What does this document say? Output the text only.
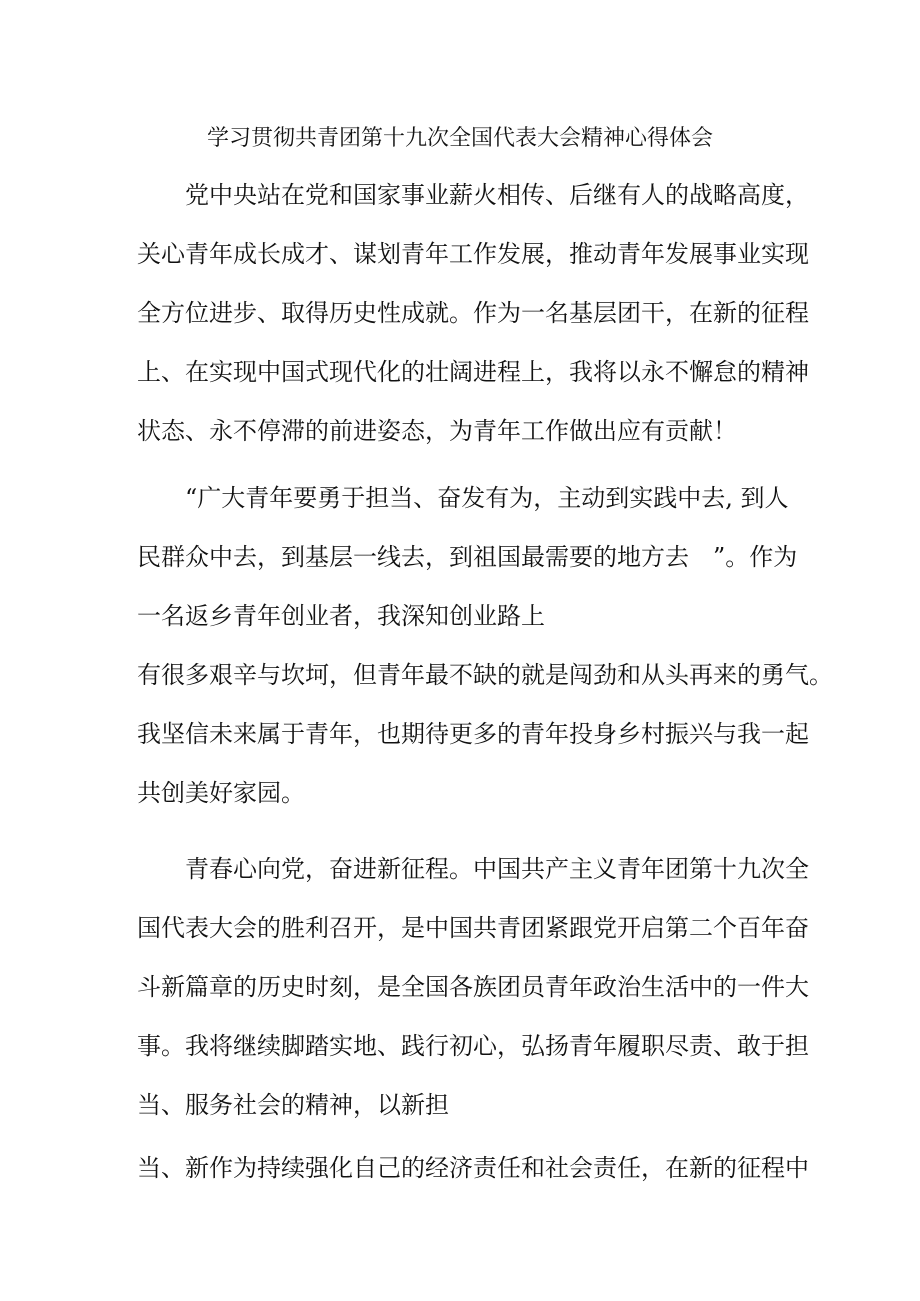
学习贯彻共青团第十九次全国代表大会精神心得体会
党中央站在党和国家事业薪火相传、后继有人的战略高度，
关心青年成长成才、谋划青年工作发展，推动青年发展事业实现
全方位进步、取得历史性成就。作为一名基层团干，在新的征程
上、在实现中国式现代化的壮阔进程上，我将以永不懈怠的精神
状态、永不停滞的前进姿态，为青年工作做出应有贡献！
“广大青年要勇于担当、奋发有为，主动到实践中去, 到人
民群众中去，到基层一线去，到祖国最需要的地方去　”。作为
一名返乡青年创业者，我深知创业路上
有很多艰辛与坎坷，但青年最不缺的就是闯劲和从头再来的勇气。
我坚信未来属于青年，也期待更多的青年投身乡村振兴与我一起
共创美好家园。
青春心向党，奋进新征程。中国共产主义青年团第十九次全
国代表大会的胜利召开，是中国共青团紧跟党开启第二个百年奋
斗新篇章的历史时刻，是全国各族团员青年政治生活中的一件大
事。我将继续脚踏实地、践行初心，弘扬青年履职尽责、敢于担
当、服务社会的精神，以新担
当、新作为持续强化自己的经济责任和社会责任，在新的征程中
